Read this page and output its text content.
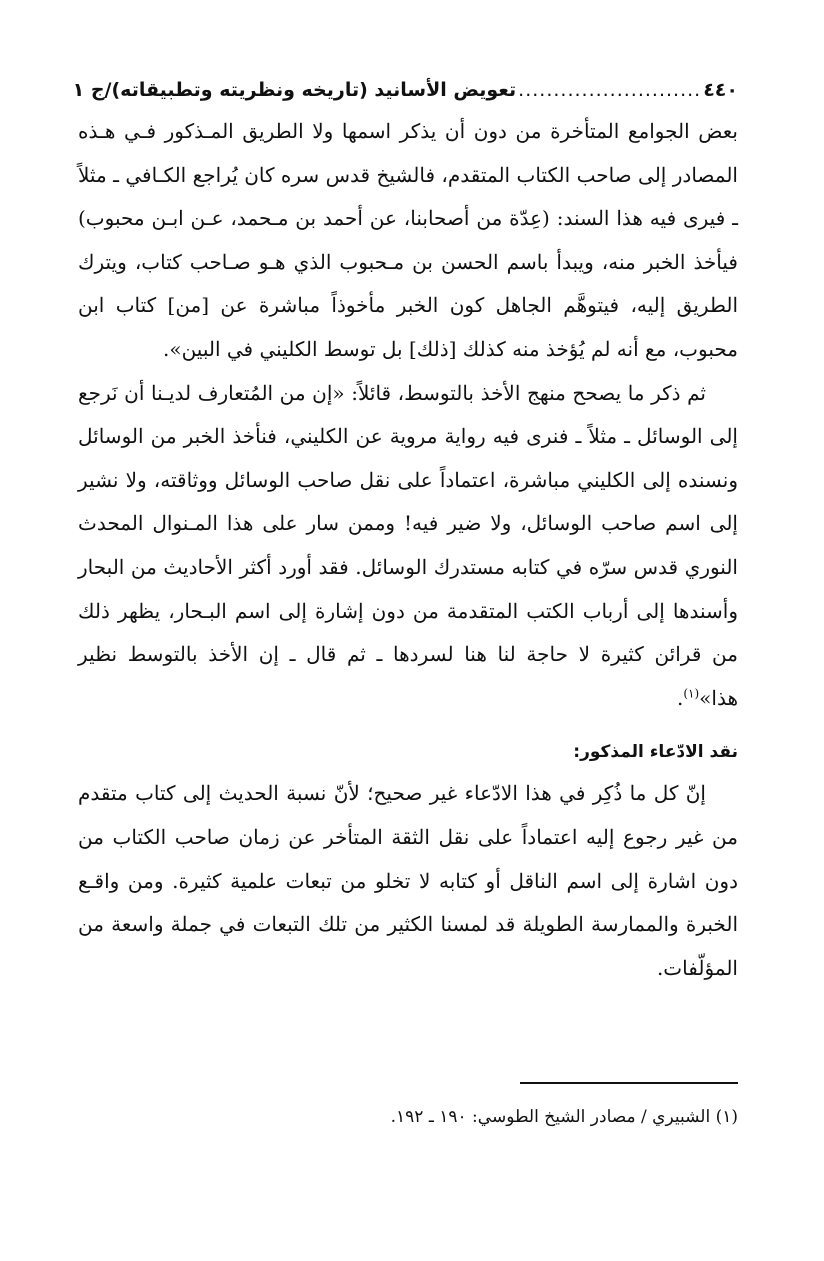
٤٤٠
..........................
تعويض الأسانيد (تاريخه ونظريته وتطبيقاته)/ج ١

بعض الجوامع المتأخرة من دون أن يذكر اسمها ولا الطريق المـذكور فـي هـذه المصادر إلى صاحب الكتاب المتقدم، فالشيخ قدس سره كان يُراجع الكـافي ـ مثلاً ـ فيرى فيه هذا السند: (عِدّة من أصحابنا، عن أحمد بن مـحمد، عـن ابـن محبوب) فيأخذ الخبر منه، ويبدأ باسم الحسن بن مـحبوب الذي هـو صـاحب كتاب، ويترك الطريق إليه، فيتوهَّم الجاهل كون الخبر مأخوذاً مباشرة عن [من] كتاب ابن محبوب، مع أنه لم يُؤخذ منه كذلك [ذلك] بل توسط الكليني في البين».

ثم ذكر ما يصحح منهج الأخذ بالتوسط، قائلاً: «إن من المُتعارف لديـنا أن نَرجع إلى الوسائل ـ مثلاً ـ فنرى فيه رواية مروية عن الكليني، فنأخذ الخبر من الوسائل ونسنده إلى الكليني مباشرة، اعتماداً على نقل صاحب الوسائل ووثاقته، ولا نشير إلى اسم صاحب الوسائل، ولا ضير فيه! وممن سار على هذا المـنوال المحدث النوري قدس سرّه في كتابه مستدرك الوسائل. فقد أورد أكثر الأحاديث من البحار وأسندها إلى أرباب الكتب المتقدمة من دون إشارة إلى اسم البـحار، يظهر ذلك من قرائن كثيرة لا حاجة لنا هنا لسردها ـ ثم قال ـ إن الأخذ بالتوسط نظير هذا»$^{(١)}$.

نقد الادّعاء المذكور:

إنّ كل ما ذُكِر في هذا الادّعاء غير صحيح؛ لأنّ نسبة الحديث إلى كتاب متقدم من غير رجوع إليه اعتماداً على نقل الثقة المتأخر عن زمان صاحب الكتاب من دون اشارة إلى اسم الناقل أو كتابه لا تخلو من تبعات علمية كثيرة. ومن واقـع الخبرة والممارسة الطويلة قد لمسنا الكثير من تلك التبعات في جملة واسعة من المؤلّفات.

(١) الشبيري / مصادر الشيخ الطوسي: ١٩٠ ـ ١٩٢.
